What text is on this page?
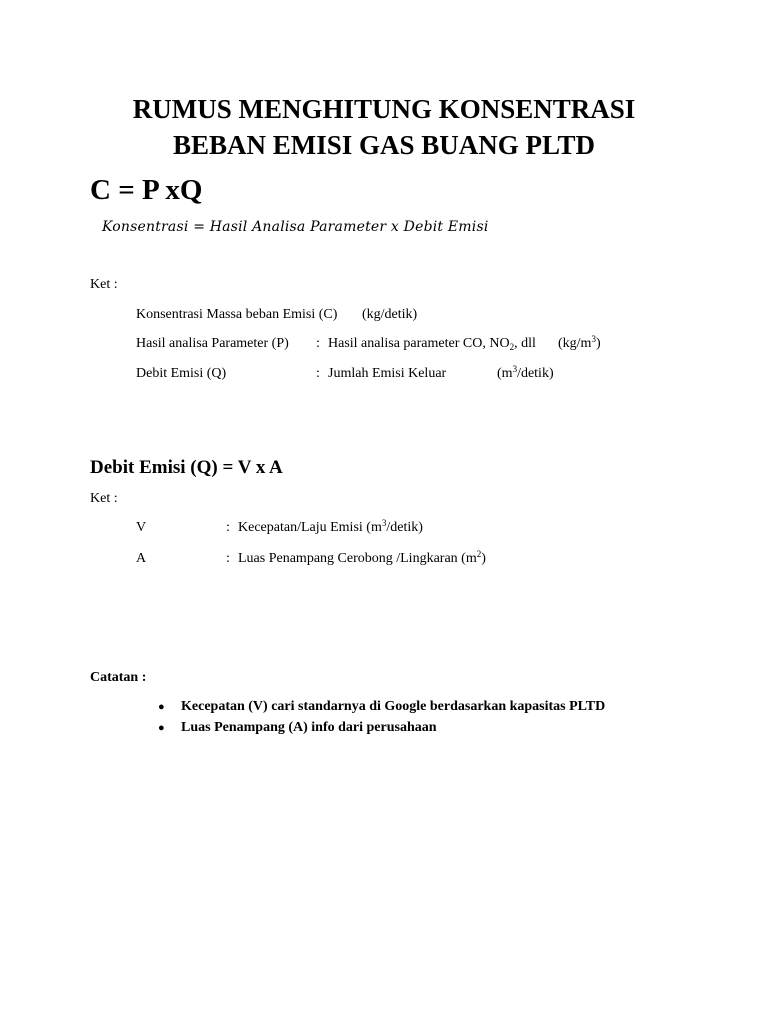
RUMUS MENGHITUNG KONSENTRASI
BEBAN EMISI GAS BUANG PLTD
C = P xQ
Konsentrasi = Hasil Analisa Parameter x Debit Emisi
Ket :
Konsentrasi Massa beban Emisi (C) (kg/detik)
Hasil analisa Parameter (P) : Hasil analisa parameter CO, $NO_2$, dll $(kg/m^3)$
Debit Emisi (Q)	: Jumlah Emisi Keluar	$(m^3/detik)$
Debit Emisi (Q) = V x A
Ket :
V	: Kecepatan/Laju Emisi $(m^3/detik)$
A	: Luas Penampang Cerobong /Lingkaran $(m^2)$
Catatan :
● Kecepatan (V) cari standarnya di Google berdasarkan kapasitas PLTD
● Luas Penampang (A) info dari perusahaan
